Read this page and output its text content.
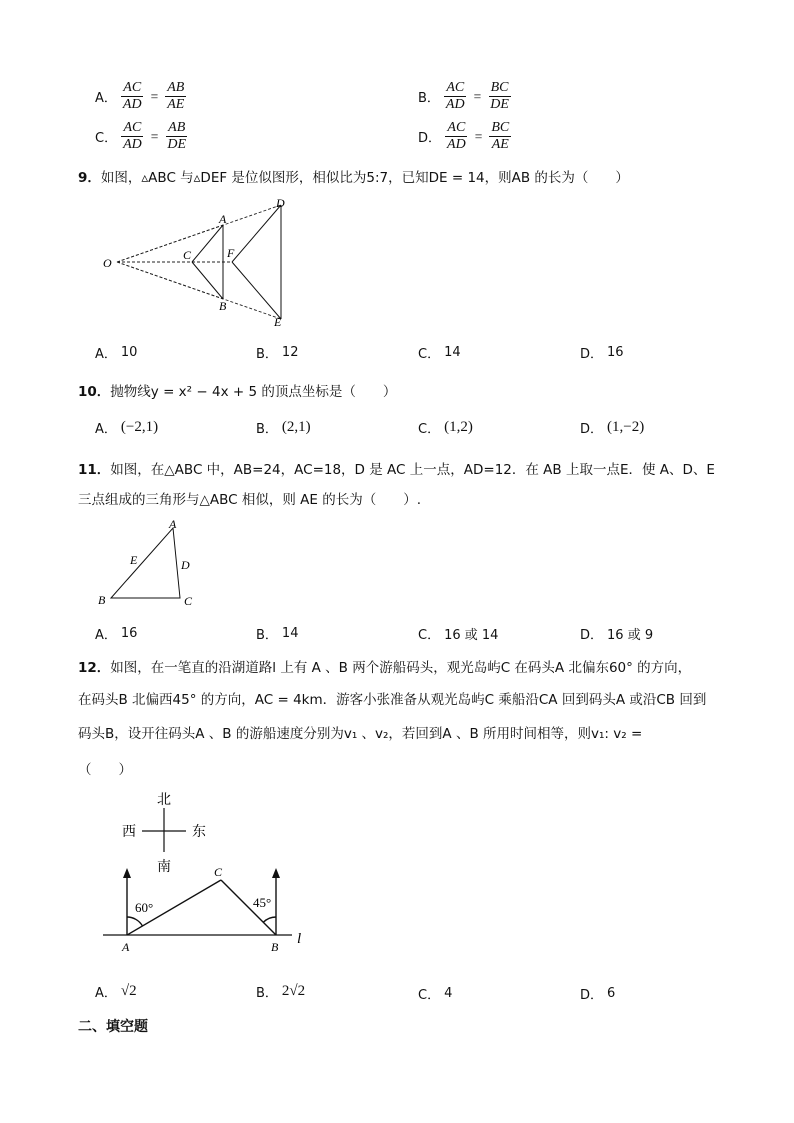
A． $\frac{AC}{AD} = \frac{AB}{AE}$	B． $\frac{AC}{AD} = \frac{BC}{DE}$
C． $\frac{AC}{AD} = \frac{AB}{DE}$	D． $\frac{AC}{AD} = \frac{BC}{AE}$
9．如图，▵ABC 与▵DEF 是位似图形，相似比为5:7，已知DE = 14，则AB 的长为（　　）
O
A
B
C
D
E
F
A． 10	B． 12	C． 14	D． 16
10．抛物线y = x² − 4x + 5 的顶点坐标是（　　）
A． (−2,1)	B． (2,1)	C． (1,2)	D． (1,−2)
11．如图，在△ABC 中，AB=24，AC=18，D 是 AC 上一点，AD=12．在 AB 上取一点E．使 A、D、E
三点组成的三角形与△ABC 相似，则 AE 的长为（　　）.
A
B	C
D
E
A． 16	B． 14	C． 16 或 14	D． 16 或 9
12．如图，在一笔直的沿湖道路l 上有 A 、B 两个游船码头，观光岛屿C 在码头A 北偏东60° 的方向，
在码头B 北偏西45° 的方向，AC = 4km．游客小张准备从观光岛屿C 乘船沿CA 回到码头A 或沿CB 回到
码头B，设开往码头A 、B 的游船速度分别为v₁ 、v₂，若回到A 、B 所用时间相等，则v₁: v₂ =
（　　）
北
南
西	东
60°	45°
A	B
C
l
A． √2	B． 2√2	C． 4	D． 6
二、填空题
